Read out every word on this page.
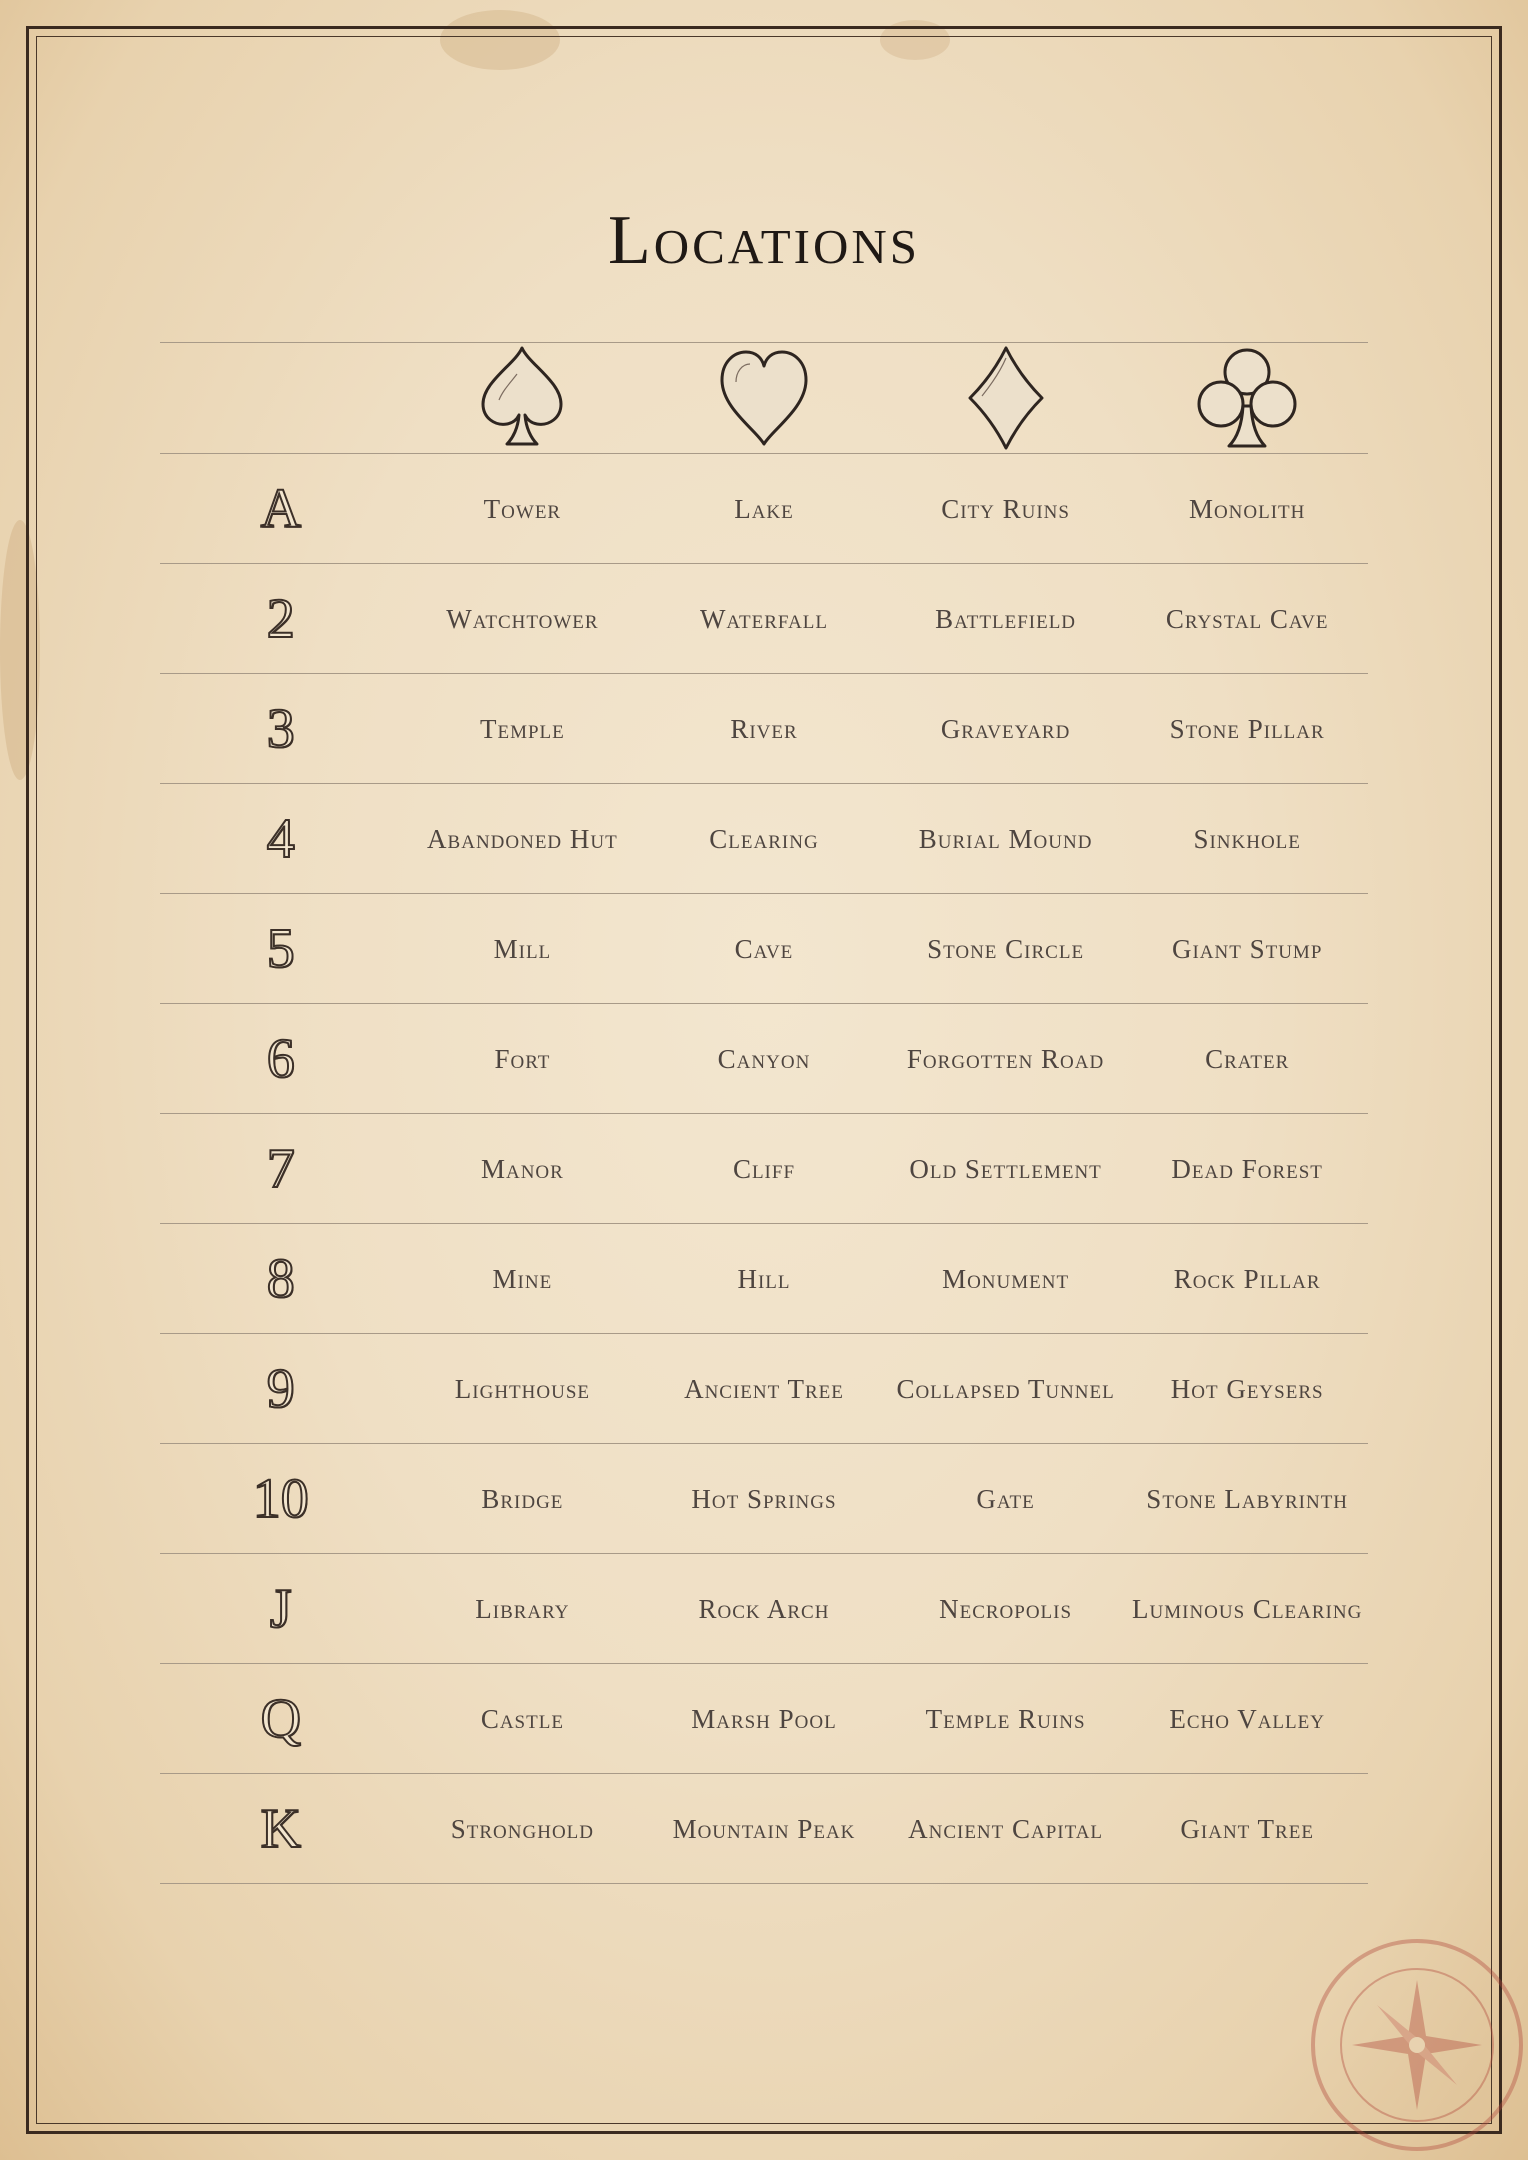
Locations
A	Tower	Lake	City Ruins	Monolith
2	Watchtower	Waterfall	Battlefield	Crystal Cave
3	Temple	River	Graveyard	Stone Pillar
4	Abandoned Hut	Clearing	Burial Mound	Sinkhole
5	Mill	Cave	Stone Circle	Giant Stump
6	Fort	Canyon	Forgotten Road	Crater
7	Manor	Cliff	Old Settlement	Dead Forest
8	Mine	Hill	Monument	Rock Pillar
9	Lighthouse	Ancient Tree	Collapsed Tunnel	Hot Geysers
10	Bridge	Hot Springs	Gate	Stone Labyrinth
J	Library	Rock Arch	Necropolis	Luminous Clearing
Q	Castle	Marsh Pool	Temple Ruins	Echo Valley
K	Stronghold	Mountain Peak	Ancient Capital	Giant Tree
